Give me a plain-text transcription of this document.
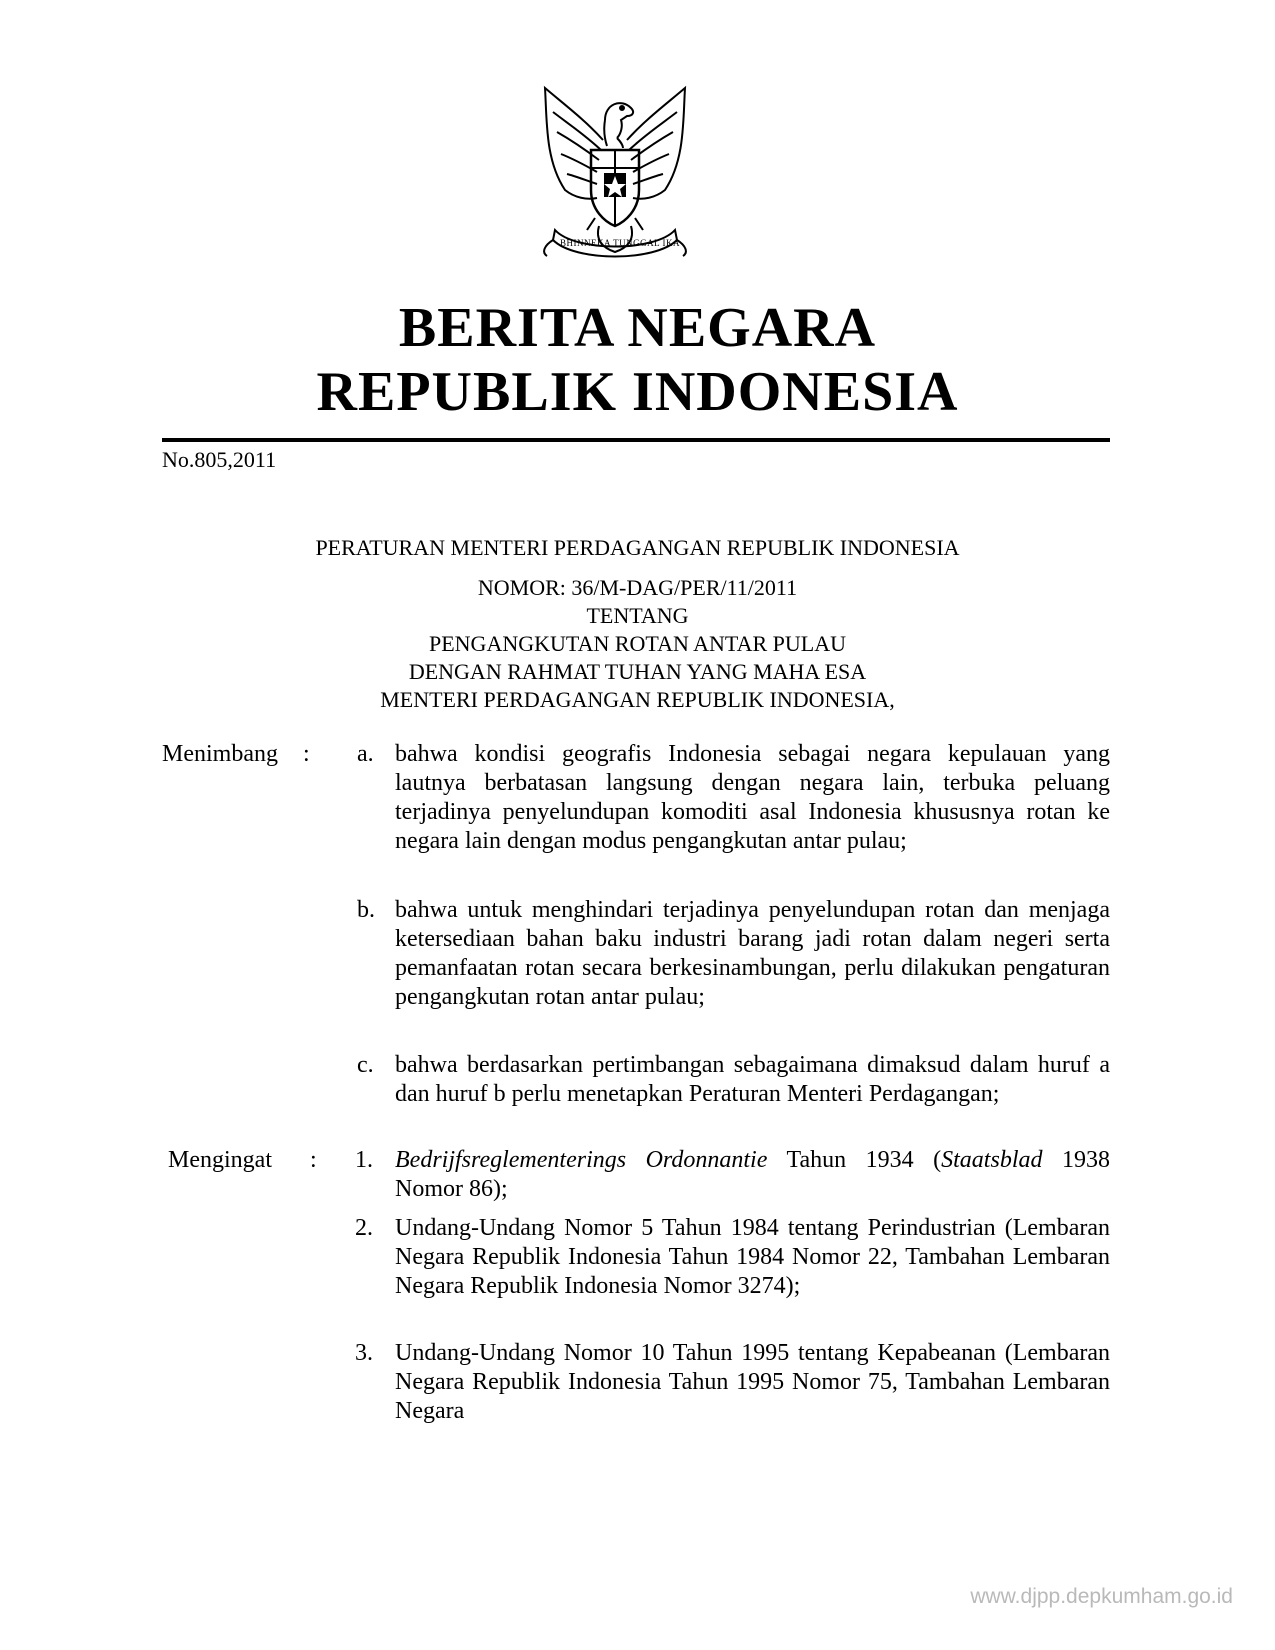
BHINNEKA TUNGGAL IKA
BERITA NEGARA
REPUBLIK INDONESIA
No.805,2011
PERATURAN MENTERI PERDAGANGAN REPUBLIK INDONESIA
NOMOR: 36/M-DAG/PER/11/2011
TENTANG
PENGANGKUTAN ROTAN ANTAR PULAU
DENGAN RAHMAT TUHAN YANG MAHA ESA
MENTERI PERDAGANGAN REPUBLIK INDONESIA,
Menimbang : a. bahwa kondisi geografis Indonesia sebagai negara kepulauan yang lautnya berbatasan langsung dengan negara lain, terbuka peluang terjadinya penyelundupan komoditi asal Indonesia khususnya rotan ke negara lain dengan modus pengangkutan antar pulau;
b. bahwa untuk menghindari terjadinya penyelundupan rotan dan menjaga ketersediaan bahan baku industri barang jadi rotan dalam negeri serta pemanfaatan rotan secara berkesinambungan, perlu dilakukan pengaturan pengangkutan rotan antar pulau;
c. bahwa berdasarkan pertimbangan sebagaimana dimaksud dalam huruf a dan huruf b perlu menetapkan Peraturan Menteri Perdagangan;
Mengingat : 1. Bedrijfsreglementerings Ordonnantie Tahun 1934 (Staatsblad 1938 Nomor 86);
2. Undang-Undang Nomor 5 Tahun 1984 tentang Perindustrian (Lembaran Negara Republik Indonesia Tahun 1984 Nomor 22, Tambahan Lembaran Negara Republik Indonesia Nomor 3274);
3. Undang-Undang Nomor 10 Tahun 1995 tentang Kepabeanan (Lembaran Negara Republik Indonesia Tahun 1995 Nomor 75, Tambahan Lembaran Negara
www.djpp.depkumham.go.id
